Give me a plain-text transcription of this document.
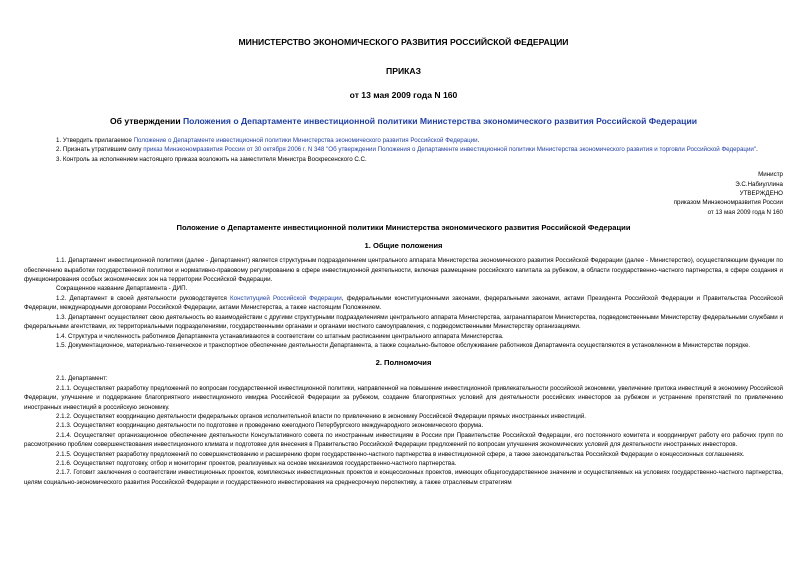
МИНИСТЕРСТВО ЭКОНОМИЧЕСКОГО РАЗВИТИЯ РОССИЙСКОЙ ФЕДЕРАЦИИ
ПРИКАЗ
от 13 мая 2009 года N 160
Об утверждении Положения о Департаменте инвестиционной политики Министерства экономического развития Российской Федерации

1. Утвердить прилагаемое Положение о Департаменте инвестиционной политики Министерства экономического развития Российской Федерации.

2. Признать утратившим силу приказ Минэкономразвития России от 30 октября 2006 г. N 348 "Об утверждении Положения о Департаменте инвестиционной политики Министерства экономического развития и торговли Российской Федерации".

3. Контроль за исполнением настоящего приказа возложить на заместителя Министра Воскресенского С.С.

Министр
Э.С.Набиуллина
УТВЕРЖДЕНО
приказом Минэкономразвития России
от 13 мая 2009 года N 160
Положение о Департаменте инвестиционной политики Министерства экономического развития Российской Федерации
1. Общие положения

1.1. Департамент инвестиционной политики (далее - Департамент) является структурным подразделением центрального аппарата Министерства экономического развития Российской Федерации (далее - Министерство), осуществляющим функции по обеспечению выработки государственной политики и нормативно-правовому регулированию в сфере инвестиционной деятельности, включая размещение российского капитала за рубежом, в области государственно-частного партнерства, в сфере создания и функционирования особых экономических зон на территории Российской Федерации.

Сокращенное название Департамента - ДИП.

1.2. Департамент в своей деятельности руководствуется Конституцией Российской Федерации, федеральными конституционными законами, федеральными законами, актами Президента Российской Федерации и Правительства Российской Федерации, международными договорами Российской Федерации, актами Министерства, а также настоящим Положением.

1.3. Департамент осуществляет свою деятельность во взаимодействии с другими структурными подразделениями центрального аппарата Министерства, загранаппаратом Министерства, подведомственными Министерству федеральными службами и федеральными агентствами, их территориальными подразделениями, государственными органами и органами местного самоуправления, с подведомственными Министерству организациями.

1.4. Структура и численность работников Департамента устанавливаются в соответствии со штатным расписанием центрального аппарата Министерства.

1.5. Документационное, материально-техническое и транспортное обеспечение деятельности Департамента, а также социально-бытовое обслуживание работников Департамента осуществляются в установленном в Министерстве порядке.

2. Полномочия

2.1. Департамент:

2.1.1. Осуществляет разработку предложений по вопросам государственной инвестиционной политики, направленной на повышение инвестиционной привлекательности российской экономики, увеличение притока инвестиций в экономику Российской Федерации, улучшение и поддержание благоприятного инвестиционного имиджа Российской Федерации за рубежом, создание благоприятных условий для деятельности российских инвесторов за рубежом и устранение препятствий по привлечению иностранных инвестиций в российскую экономику.

2.1.2. Осуществляет координацию деятельности федеральных органов исполнительной власти по привлечению в экономику Российской Федерации прямых иностранных инвестиций.

2.1.3. Осуществляет координацию деятельности по подготовке и проведению ежегодного Петербургского международного экономического форума.

2.1.4. Осуществляет организационное обеспечение деятельности Консультативного совета по иностранным инвестициям в России при Правительстве Российской Федерации, его постоянного комитета и координирует работу его рабочих групп по рассмотрению проблем совершенствования инвестиционного климата и подготовке для внесения в Правительство Российской Федерации предложений по вопросам улучшения экономических условий для деятельности иностранных инвесторов.

2.1.5. Осуществляет разработку предложений по совершенствованию и расширению форм государственно-частного партнерства в инвестиционной сфере, а также законодательства Российской Федерации о концессионных соглашениях.

2.1.6. Осуществляет подготовку, отбор и мониторинг проектов, реализуемых на основе механизмов государственно-частного партнерства.

2.1.7. Готовит заключения о соответствии инвестиционных проектов, комплексных инвестиционных проектов и концессионных проектов, имеющих общегосударственное значение и осуществляемых на условиях государственно-частного партнерства, целям социально-экономического развития Российской Федерации и государственного инвестирования на среднесрочную перспективу, а также отраслевым стратегиям
